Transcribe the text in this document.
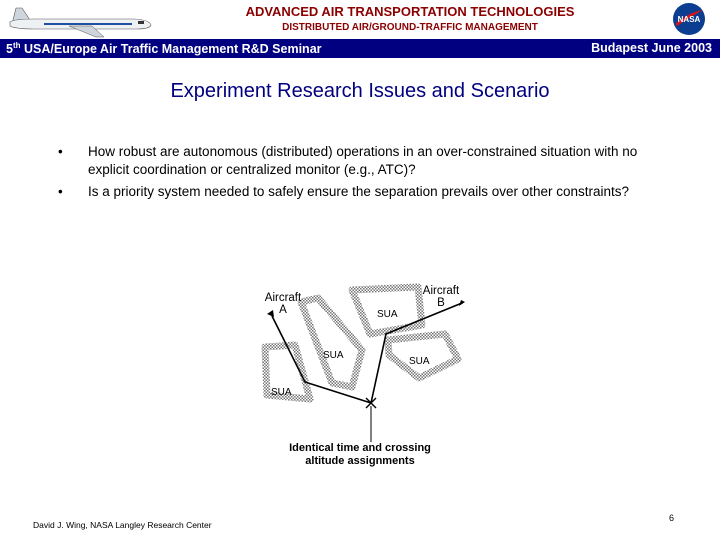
ADVANCED AIR TRANSPORTATION TECHNOLOGIES
DISTRIBUTED AIR/GROUND-TRAFFIC MANAGEMENT
NASA
5th USA/Europe Air Traffic Management R&D Seminar	Budapest June 2003
Experiment Research Issues and Scenario
• How robust are autonomous (distributed) operations in an over-constrained situation with no explicit coordination or centralized monitor (e.g., ATC)?
• Is a priority system needed to safely ensure the separation prevails over other constraints?
Aircraft
A
Aircraft
B
SUA
SUA
SUA
SUA
Identical time and crossing
altitude assignments
David J. Wing, NASA Langley Research Center
6
